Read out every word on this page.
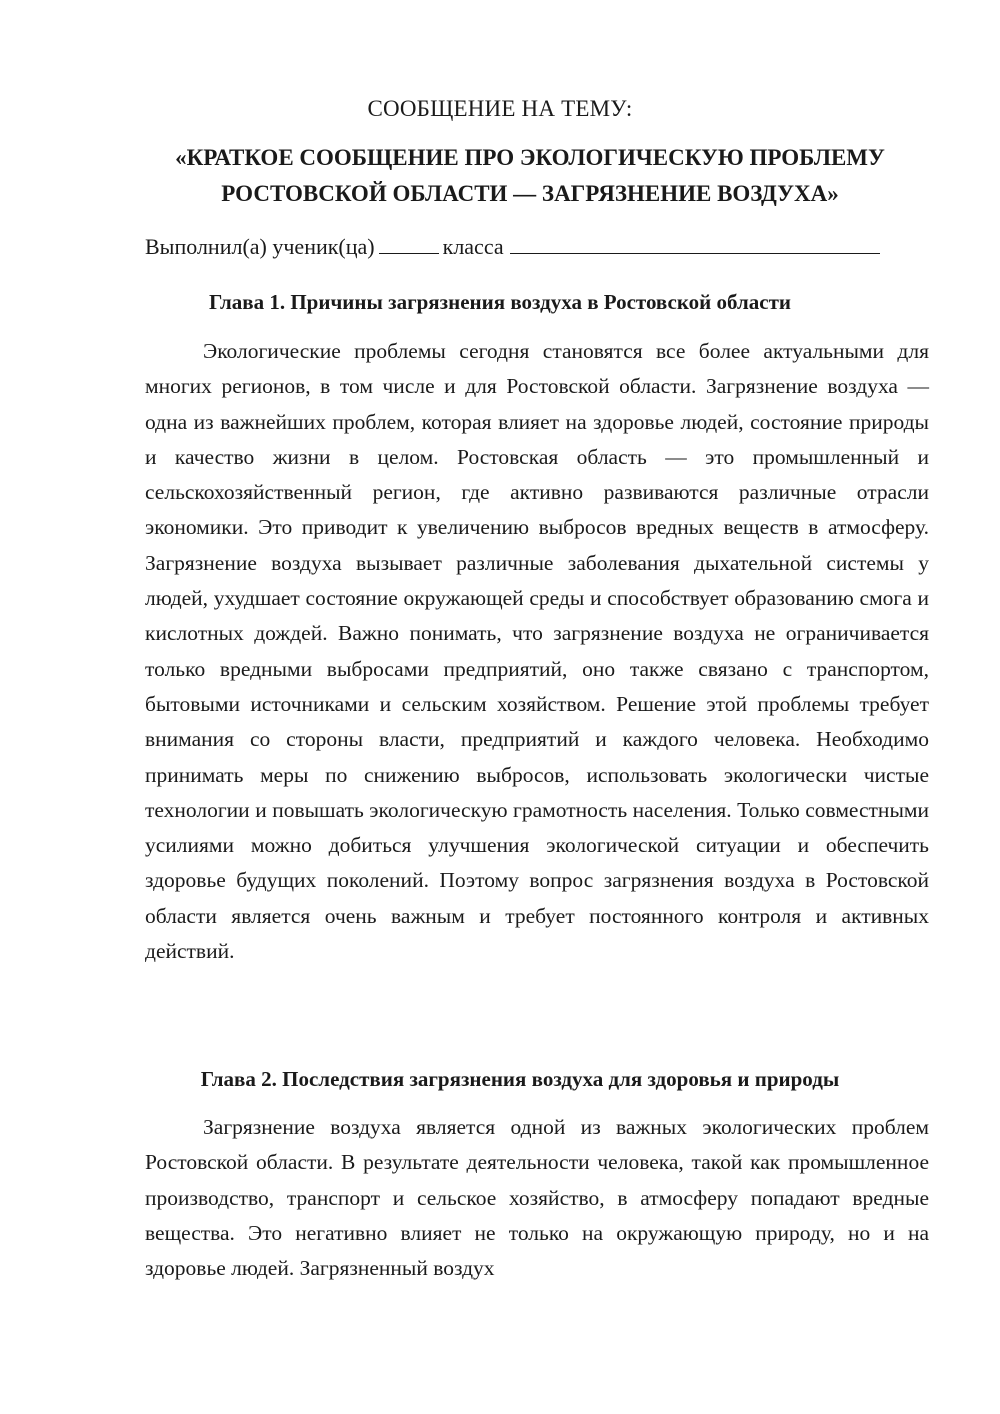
СООБЩЕНИЕ НА ТЕМУ:
«КРАТКОЕ СООБЩЕНИЕ ПРО ЭКОЛОГИЧЕСКУЮ ПРОБЛЕМУ
РОСТОВСКОЙ ОБЛАСТИ — ЗАГРЯЗНЕНИЕ ВОЗДУХА»
Выполнил(а) ученик(ца)	класса
Глава 1. Причины загрязнения воздуха в Ростовской области

Экологические проблемы сегодня становятся все более актуальными для многих регионов, в том числе и для Ростовской области. Загрязнение воздуха — одна из важнейших проблем, которая влияет на здоровье людей, состояние природы и качество жизни в целом. Ростовская область — это промышленный и сельскохозяйственный регион, где активно развиваются различные отрасли экономики. Это приводит к увеличению выбросов вредных веществ в атмосферу. Загрязнение воздуха вызывает различные заболевания дыхательной системы у людей, ухудшает состояние окружающей среды и способствует образованию смога и кислотных дождей. Важно понимать, что загрязнение воздуха не ограничивается только вредными выбросами предприятий, оно также связано с транспортом, бытовыми источниками и сельским хозяйством. Решение этой проблемы требует внимания со стороны власти, предприятий и каждого человека. Необходимо принимать меры по снижению выбросов, использовать экологически чистые технологии и повышать экологическую грамотность населения. Только совместными усилиями можно добиться улучшения экологической ситуации и обеспечить здоровье будущих поколений. Поэтому вопрос загрязнения воздуха в Ростовской области является очень важным и требует постоянного контроля и активных действий.

Глава 2. Последствия загрязнения воздуха для здоровья и природы

Загрязнение воздуха является одной из важных экологических проблем Ростовской области. В результате деятельности человека, такой как промышленное производство, транспорт и сельское хозяйство, в атмосферу попадают вредные вещества. Это негативно влияет не только на окружающую природу, но и на здоровье людей. Загрязненный воздух
